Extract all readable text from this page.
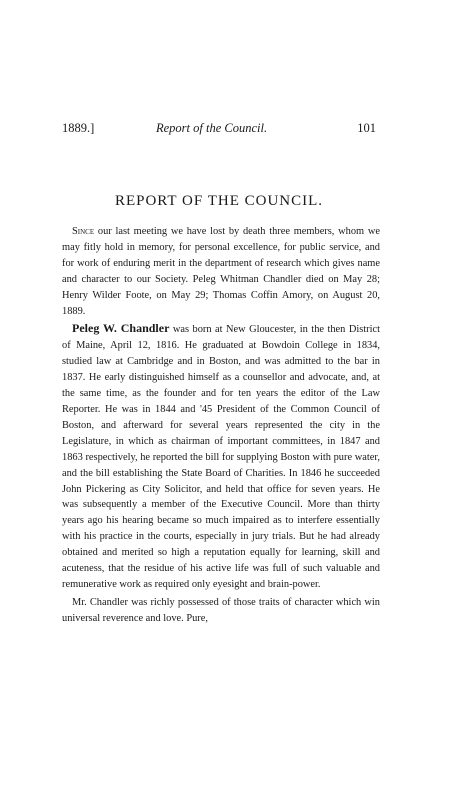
1889.]	Report of the Council.	101
REPORT OF THE COUNCIL.

Since our last meeting we have lost by death three members, whom we may fitly hold in memory, for personal excellence, for public service, and for work of enduring merit in the department of research which gives name and character to our Society. Peleg Whitman Chandler died on May 28; Henry Wilder Foote, on May 29; Thomas Coffin Amory, on August 20, 1889.

Peleg W. Chandler was born at New Gloucester, in the then District of Maine, April 12, 1816. He graduated at Bowdoin College in 1834, studied law at Cambridge and in Boston, and was admitted to the bar in 1837. He early distinguished himself as a counsellor and advocate, and, at the same time, as the founder and for ten years the editor of the Law Reporter. He was in 1844 and '45 President of the Common Council of Boston, and afterward for several years represented the city in the Legislature, in which as chairman of important committees, in 1847 and 1863 respectively, he reported the bill for supplying Boston with pure water, and the bill establishing the State Board of Charities. In 1846 he succeeded John Pickering as City Solicitor, and held that office for seven years. He was subsequently a member of the Executive Council. More than thirty years ago his hearing became so much impaired as to interfere essentially with his practice in the courts, especially in jury trials. But he had already obtained and merited so high a reputation equally for learning, skill and acuteness, that the residue of his active life was full of such valuable and remunerative work as required only eyesight and brain-power.

Mr. Chandler was richly possessed of those traits of character which win universal reverence and love. Pure,
